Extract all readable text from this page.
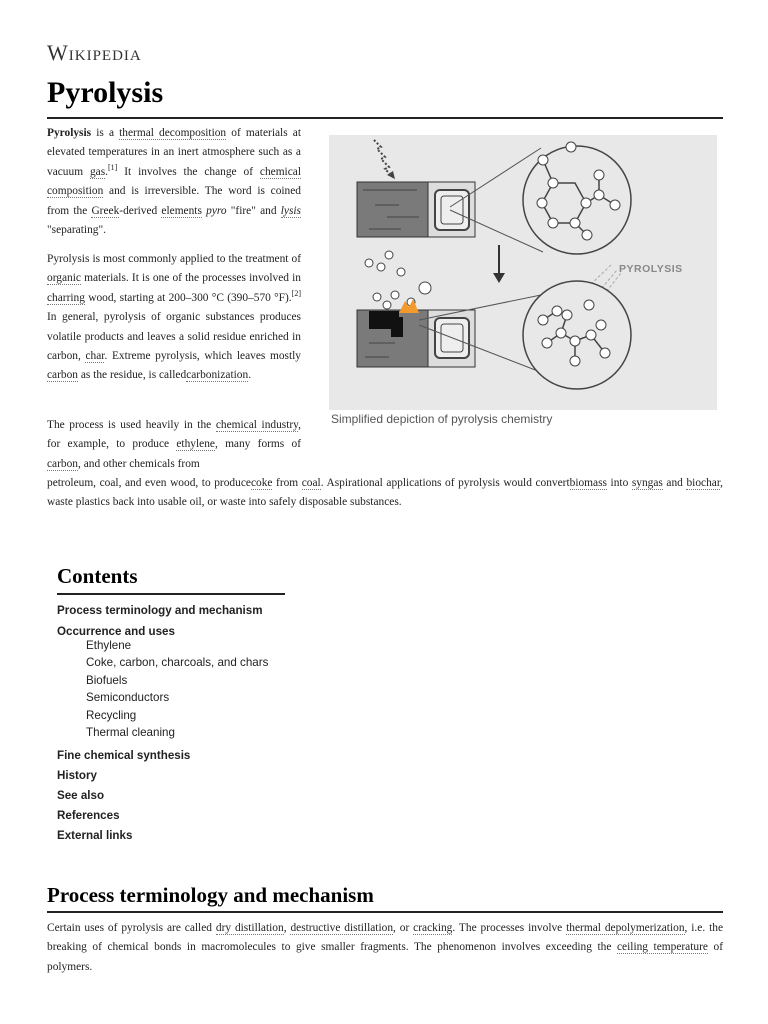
Wikipedia
Pyrolysis

Pyrolysis is a thermal decomposition of materials at elevated temperatures in an inert atmosphere such as a vacuum gas.[1] It involves the change of chemical composition and is irreversible. The word is coined from the Greek-derived elements pyro "fire" and lysis "separating".

Pyrolysis is most commonly applied to the treatment of organic materials. It is one of the processes involved in charring wood, starting at 200–300 °C (390–570 °F).[2] In general, pyrolysis of organic substances produces volatile products and leaves a solid residue enriched in carbon, char. Extreme pyrolysis, which leaves mostly carbon as the residue, is calledcarbonization.

The process is used heavily in the chemical industry, for example, to produce ethylene, many forms of carbon, and other chemicals from

petroleum, coal, and even wood, to producecoke from coal. Aspirational applications of pyrolysis would convertbiomass into syngas and biochar, waste plastics back into usable oil, or waste into safely disposable substances.

PYROLYSIS
Simplified depiction of pyrolysis chemistry
Contents
Process terminology and mechanism
Occurrence and uses
Ethylene
Coke, carbon, charcoals, and chars
Biofuels
Semiconductors
Recycling
Thermal cleaning
Fine chemical synthesis
History
See also
References
External links
Process terminology and mechanism

Certain uses of pyrolysis are called dry distillation, destructive distillation, or cracking. The processes involve thermal depolymerization, i.e. the breaking of chemical bonds in macromolecules to give smaller fragments. The phenomenon involves exceeding the ceiling temperature of polymers.
